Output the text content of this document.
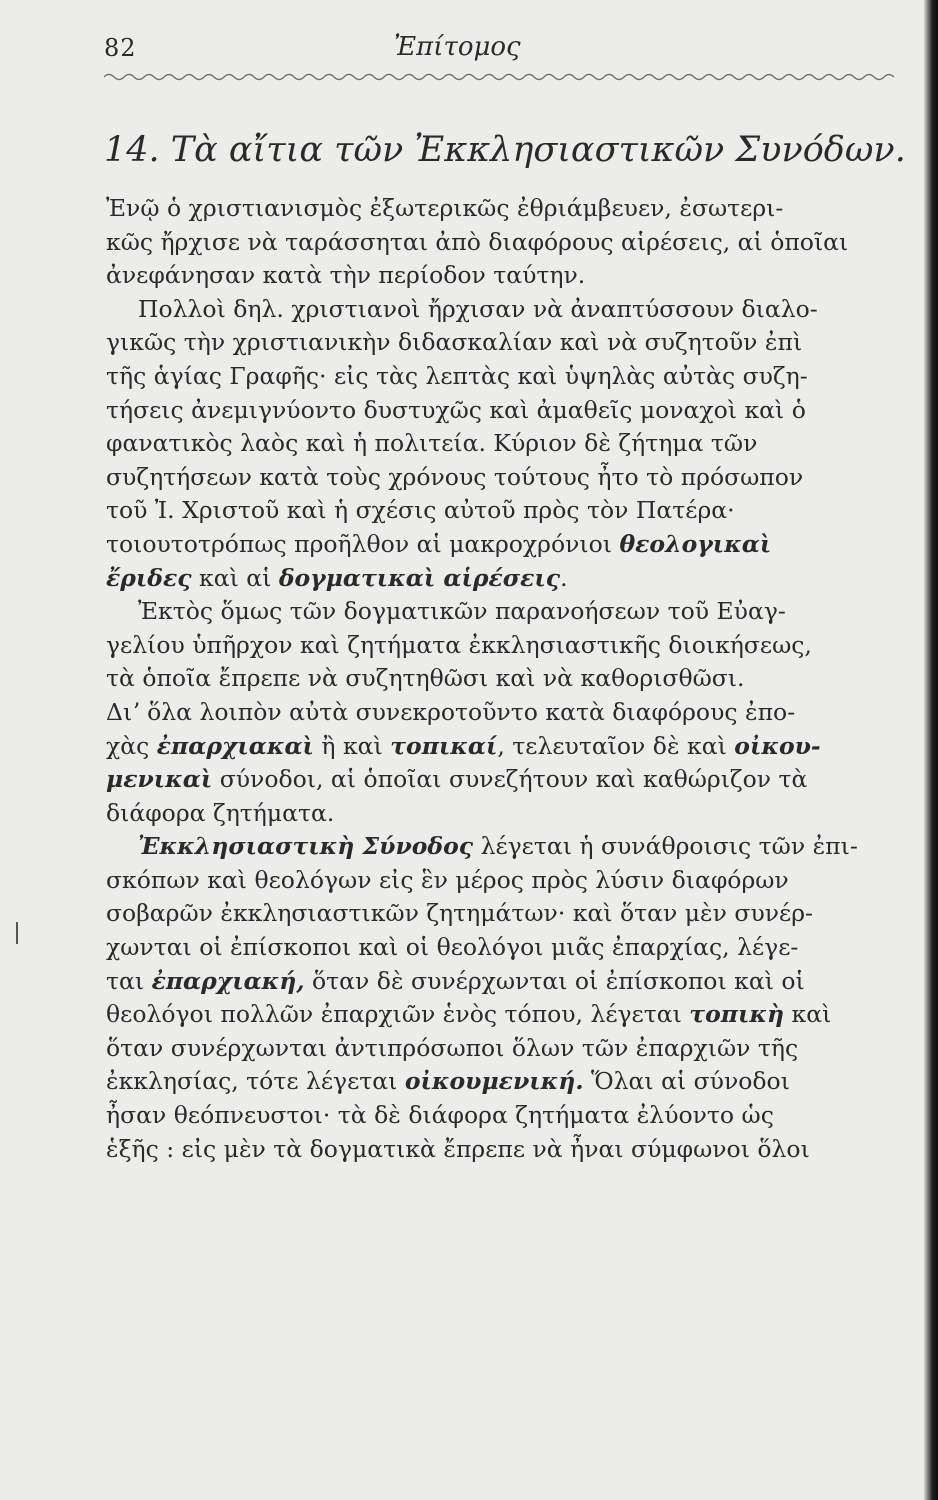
82	Ἐπίτομος
14. Τὰ αἴτια τῶν Ἐκκλησιαστικῶν Συνόδων.
Ἐνῷ ὁ χριστιανισμὸς ἐξωτερικῶς ἐθριάμβευεν, ἐσωτερι-
κῶς ἤρχισε νὰ ταράσσηται ἀπὸ διαφόρους αἱρέσεις, αἱ ὁποῖαι
ἀνεφάνησαν κατὰ τὴν περίοδον ταύτην.
Πολλοὶ δηλ. χριστιανοὶ ἤρχισαν νὰ ἀναπτύσσουν διαλο-
γικῶς τὴν χριστιανικὴν διδασκαλίαν καὶ νὰ συζητοῦν ἐπὶ
τῆς ἁγίας Γραφῆς· εἰς τὰς λεπτὰς καὶ ὑψηλὰς αὐτὰς συζη-
τήσεις ἀνεμιγνύοντο δυστυχῶς καὶ ἀμαθεῖς μοναχοὶ καὶ ὁ
φανατικὸς λαὸς καὶ ἡ πολιτεία. Κύριον δὲ ζήτημα τῶν
συζητήσεων κατὰ τοὺς χρόνους τούτους ἦτο τὸ πρόσωπον
τοῦ Ἰ. Χριστοῦ καὶ ἡ σχέσις αὐτοῦ πρὸς τὸν Πατέρα·
τοιουτοτρόπως προῆλθον αἱ μακροχρόνιοι θεολογικαὶ
ἔριδες καὶ αἱ δογματικαὶ αἱρέσεις.
Ἐκτὸς ὅμως τῶν δογματικῶν παρανοήσεων τοῦ Εὐαγ-
γελίου ὑπῆρχον καὶ ζητήματα ἐκκλησιαστικῆς διοικήσεως,
τὰ ὁποῖα ἔπρεπε νὰ συζητηθῶσι καὶ νὰ καθορισθῶσι.
Διʼ ὅλα λοιπὸν αὐτὰ συνεκροτοῦντο κατὰ διαφόρους ἐπο-
χὰς ἐπαρχιακαὶ ἢ καὶ τοπικαί, τελευταῖον δὲ καὶ οἰκου-
μενικαὶ σύνοδοι, αἱ ὁποῖαι συνεζήτουν καὶ καθώριζον τὰ
διάφορα ζητήματα.
Ἐκκλησιαστικὴ Σύνοδος λέγεται ἡ συνάθροισις τῶν ἐπι-
σκόπων καὶ θεολόγων εἰς ἓν μέρος πρὸς λύσιν διαφόρων
σοβαρῶν ἐκκλησιαστικῶν ζητημάτων· καὶ ὅταν μὲν συνέρ-
χωνται οἱ ἐπίσκοποι καὶ οἱ θεολόγοι μιᾶς ἐπαρχίας, λέγε-
ται ἐπαρχιακή, ὅταν δὲ συνέρχωνται οἱ ἐπίσκοποι καὶ οἱ
θεολόγοι πολλῶν ἐπαρχιῶν ἑνὸς τόπου, λέγεται τοπικὴ καὶ
ὅταν συνέρχωνται ἀντιπρόσωποι ὅλων τῶν ἐπαρχιῶν τῆς
ἐκκλησίας, τότε λέγεται οἰκουμενική. Ὅλαι αἱ σύνοδοι
ἦσαν θεόπνευστοι· τὰ δὲ διάφορα ζητήματα ἐλύοντο ὡς
ἑξῆς : εἰς μὲν τὰ δογματικὰ ἔπρεπε νὰ ἦναι σύμφωνοι ὅλοι
